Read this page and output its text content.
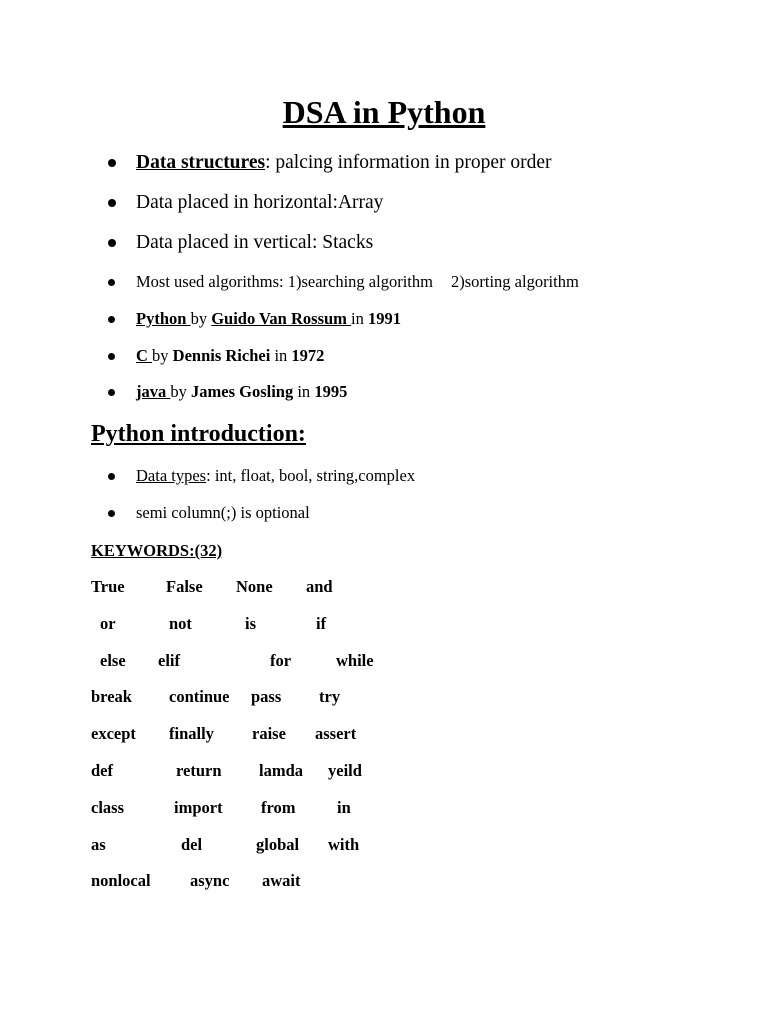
DSA in Python
Data structures: palcing information in proper order
Data placed in horizontal:Array
Data placed in vertical: Stacks
Most used algorithms: 1)searching algorithm 2)sorting algorithm
Python by Guido Van Rossum in 1991
C by Dennis Richei in 1972
java by James Gosling in 1995
Python introduction:
Data types: int, float, bool, string,complex
semi column(;) is optional
KEYWORDS:(32)
True	False None and
or	not	is	if
else elif	for	while
break continue pass try
except finally raise assert
def	return lamda yeild
class	import from	in
as	del	global with
nonlocal async await
